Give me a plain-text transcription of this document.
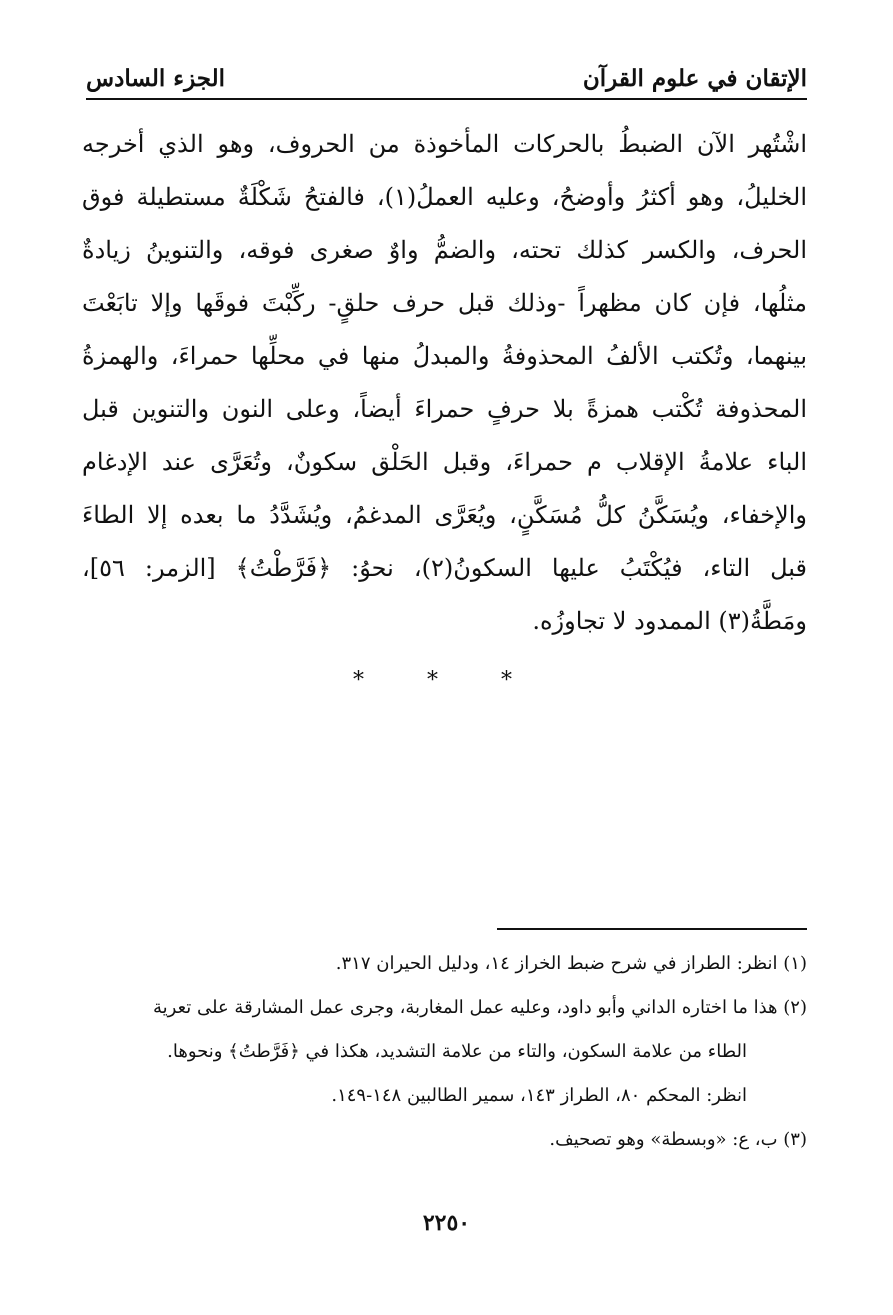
الإتقان في علوم القرآن
الجزء السادس
اشْتُهر الآن الضبطُ بالحركات المأخوذة من الحروف، وهو الذي أخرجه
الخليلُ، وهو أكثرُ وأوضحُ، وعليه العملُ(١)، فالفتحُ شَكْلَةٌ مستطيلة فوق
الحرف، والكسر كذلك تحته، والضمُّ واوٌ صغرى فوقه، والتنوينُ زيادةٌ
مثلُها، فإن كان مظهراً -وذلك قبل حرف حلقٍ- ركِّبْتَ فوقَها وإلا تابَعْتَ
بينهما، وتُكتب الألفُ المحذوفةُ والمبدلُ منها في محلِّها حمراءَ، والهمزةُ
المحذوفة تُكْتب همزةً بلا حرفٍ حمراءَ أيضاً، وعلى النون والتنوين قبل
الباء علامةُ الإقلاب م حمراءَ، وقبل الحَلْق سكونٌ، وتُعَرَّى عند الإدغام
والإخفاء، ويُسَكَّنُ كلُّ مُسَكَّنٍ، ويُعَرَّى المدغمُ، ويُشَدَّدُ ما بعده إلا الطاءَ
قبل التاء، فيُكْتَبُ عليها السكونُ(٢)، نحوُ: ﴿فَرَّطْتُ﴾ [الزمر: ٥٦]،
ومَطَّةُ(٣) الممدود لا تجاوزُه.
* * *
(١) انظر: الطراز في شرح ضبط الخراز ١٤، ودليل الحيران ٣١٧.
(٢) هذا ما اختاره الداني وأبو داود، وعليه عمل المغاربة، وجرى عمل المشارقة على تعرية
الطاء من علامة السكون، والتاء من علامة التشديد، هكذا في ﴿فَرَّطتُ﴾ ونحوها.
انظر: المحكم ٨٠، الطراز ١٤٣، سمير الطالبين ١٤٨-١٤٩.
(٣) ب، ع: «وبسطة» وهو تصحيف.
٢٢٥٠
